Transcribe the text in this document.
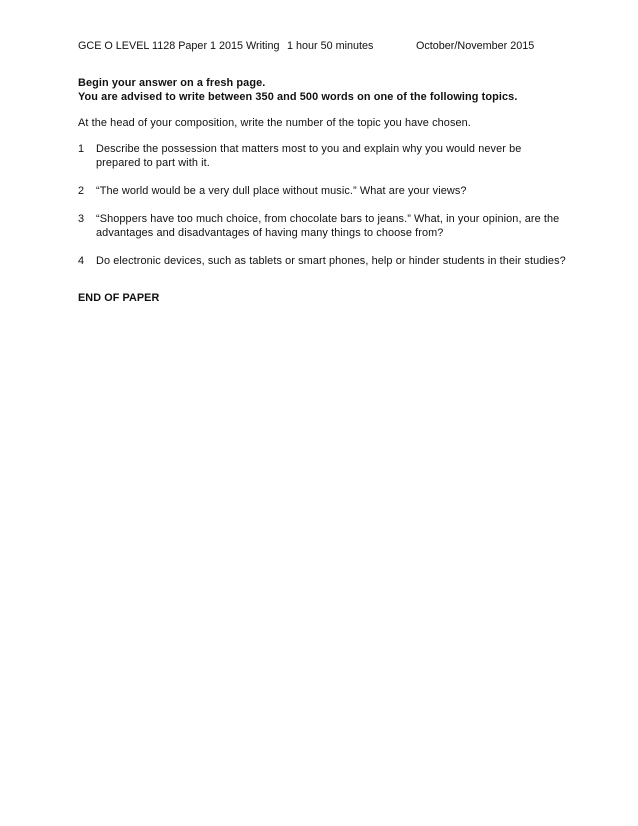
GCE O LEVEL 1128 Paper 1 2015 Writing 1 hour 50 minutes	October/November 2015
Begin your answer on a fresh page.
You are advised to write between 350 and 500 words on one of the following topics.
At the head of your composition, write the number of the topic you have chosen.
1 Describe the possession that matters most to you and explain why you would never be prepared to part with it.
2 “The world would be a very dull place without music.” What are your views?
3 “Shoppers have too much choice, from chocolate bars to jeans.” What, in your opinion, are the advantages and disadvantages of having many things to choose from?
4 Do electronic devices, such as tablets or smart phones, help or hinder students in their studies?
END OF PAPER
